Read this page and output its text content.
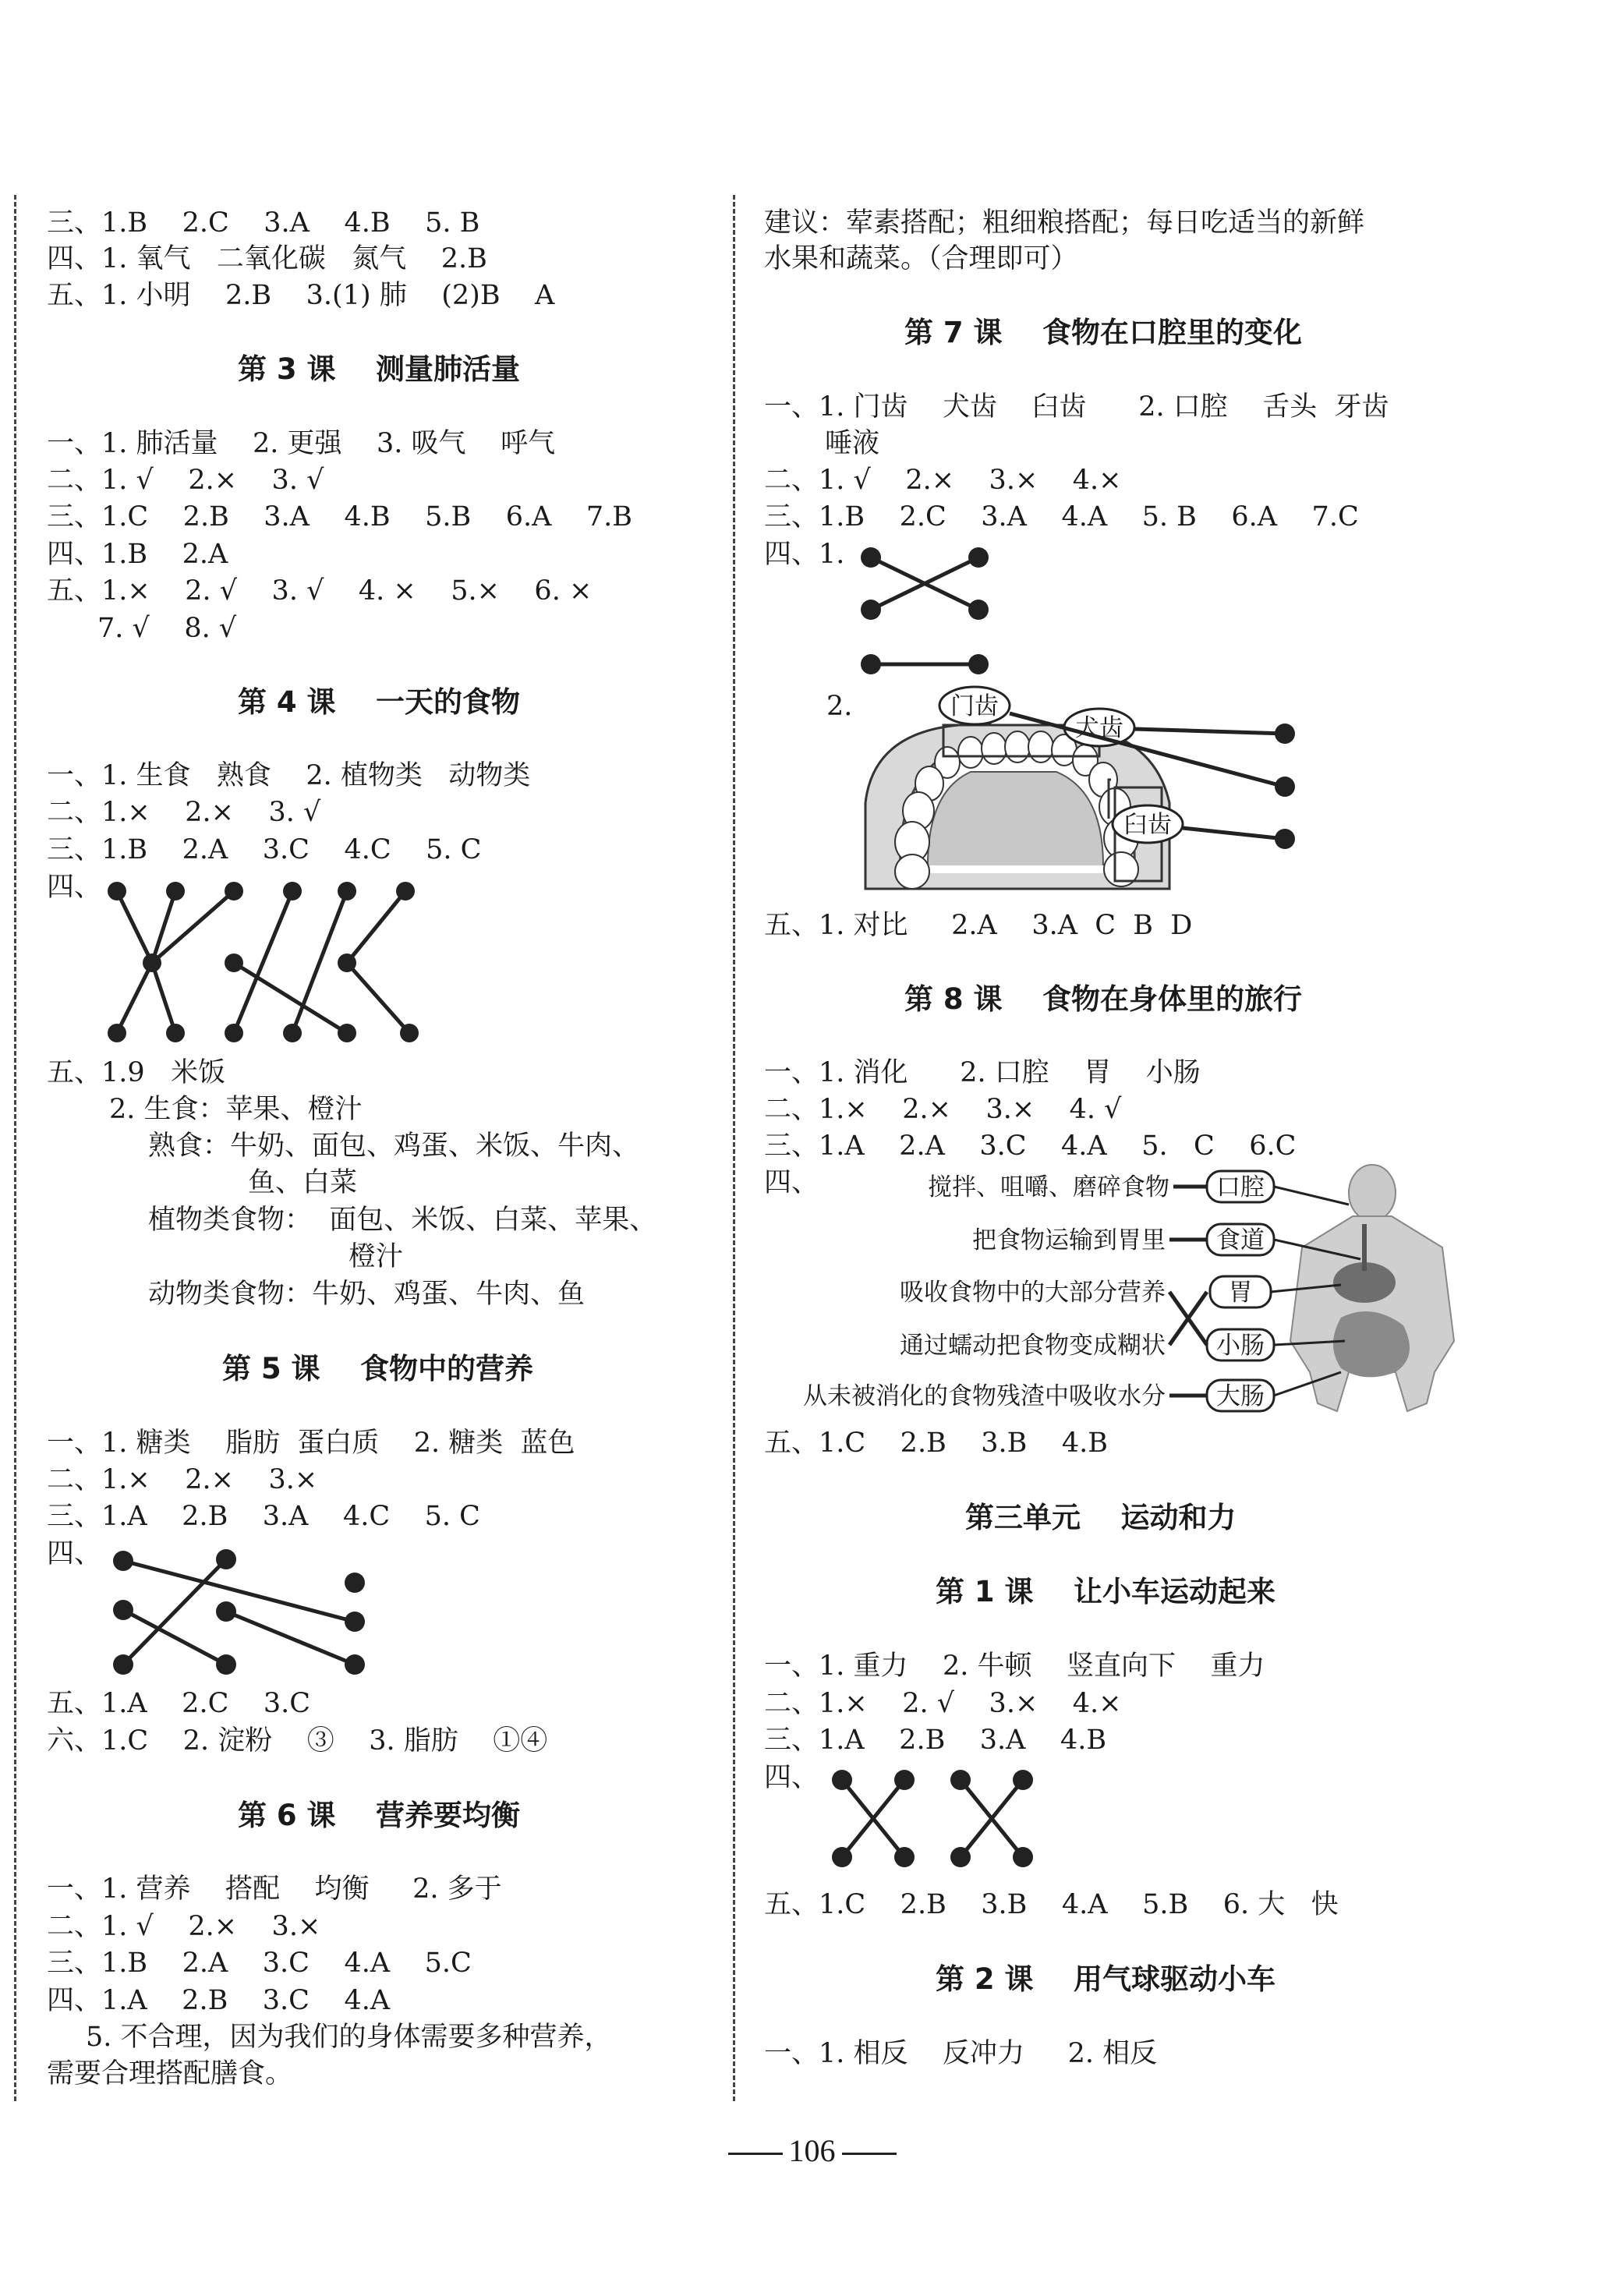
三、1.B    2.C    3.A    4.B    5. B
四、1. 氧气   二氧化碳   氮气    2.B
五、1. 小明    2.B    3.(1) 肺    (2)B    A
第 3 课    测量肺活量
一、1. 肺活量    2. 更强    3. 吸气    呼气
二、1. √    2.×    3. √
三、1.C    2.B    3.A    4.B    5.B    6.A    7.B
四、1.B    2.A
五、1.×    2. √    3. √    4. ×    5.×    6. ×
7. √    8. √
第 4 课    一天的食物
一、1. 生食   熟食    2. 植物类   动物类
二、1.×    2.×    3. √
三、1.B    2.A    3.C    4.C    5. C
四、
五、1.9   米饭
2. 生食：苹果、橙汁
熟食：牛奶、面包、鸡蛋、米饭、牛肉、
鱼、白菜
植物类食物：  面包、米饭、白菜、苹果、
橙汁
动物类食物：牛奶、鸡蛋、牛肉、鱼
第 5 课    食物中的营养
一、1. 糖类    脂肪  蛋白质    2. 糖类  蓝色
二、1.×    2.×    3.×
三、1.A    2.B    3.A    4.C    5. C
四、
五、1.A    2.C    3.C
六、1.C    2. 淀粉    ③    3. 脂肪    ①④
第 6 课    营养要均衡
一、1. 营养    搭配    均衡     2. 多于
二、1. √    2.×    3.×
三、1.B    2.A    3.C    4.A    5.C
四、1.A    2.B    3.C    4.A
5. 不合理，因为我们的身体需要多种营养，
需要合理搭配膳食。
建议：荤素搭配；粗细粮搭配；每日吃适当的新鲜
水果和蔬菜。（合理即可）
第 7 课    食物在口腔里的变化
一、1. 门齿    犬齿    臼齿      2. 口腔    舌头  牙齿
唾液
二、1. √    2.×    3.×    4.×
三、1.B    2.C    3.A    4.A    5. B    6.A    7.C
四、1.
2.	门齿
犬齿
臼齿
五、1. 对比     2.A    3.A  C  B  D
第 8 课    食物在身体里的旅行
一、1. 消化      2. 口腔    胃    小肠
二、1.×    2.×    3.×    4. √
三、1.A    2.A    3.C    4.A    5.   C    6.C
四、	口腔
食道
胃
小肠
大肠
搅拌、咀嚼、磨碎食物
把食物运输到胃里
吸收食物中的大部分营养
通过蠕动把食物变成糊状
从未被消化的食物残渣中吸收水分
五、1.C    2.B    3.B    4.B
第三单元    运动和力
第 1 课    让小车运动起来
一、1. 重力    2. 牛顿    竖直向下    重力
二、1.×    2. √    3.×    4.×
三、1.A    2.B    3.A    4.B
四、
五、1.C    2.B    3.B    4.A    5.B    6. 大   快
第 2 课    用气球驱动小车
一、1. 相反    反冲力     2. 相反
106
